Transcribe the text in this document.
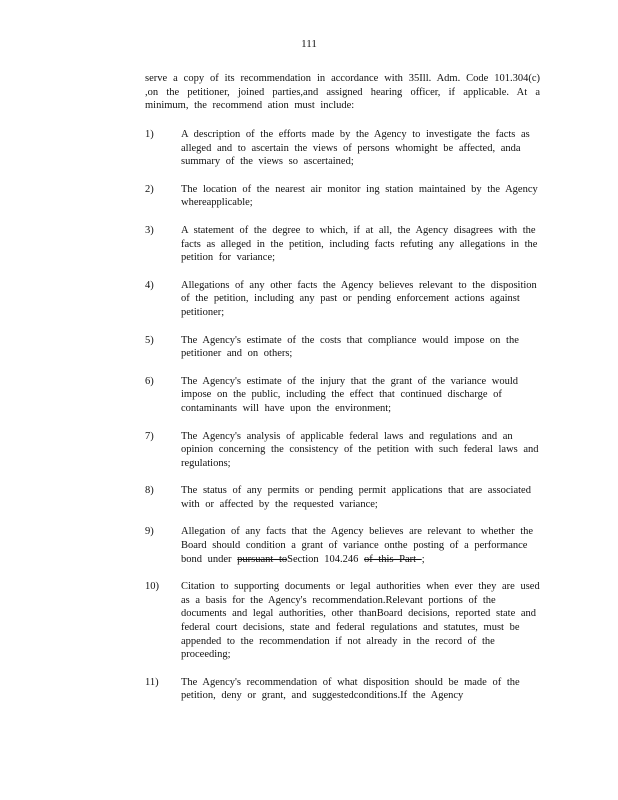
111

serve a copy of its recommendation in accordance with 35Ill. Adm. Code 101.304(c) ,on the petitioner, joined parties,and assigned hearing officer, if applicable. At a minimum, the recommend ation must include:

1)	A description of the efforts made by the Agency to investigate the facts as alleged and to ascertain the views of persons whomight be affected, anda summary of the views so ascertained;
2)	The location of the nearest air monitor ing station maintained by the Agency whereapplicable;
3)	A statement of the degree to which, if at all, the Agency disagrees with the facts as alleged in the petition, including facts refuting any allegations in the petition for variance;
4)	Allegations of any other facts the Agency believes relevant to the disposition of the petition, including any past or pending enforcement actions against petitioner;
5)	The Agency's estimate of the costs that compliance would impose on the petitioner and on others;
6)	The Agency's estimate of the injury that the grant of the variance would impose on the public, including the effect that continued discharge of contaminants will have upon the environment;
7)	The Agency's analysis of applicable federal laws and regulations and an opinion concerning the consistency of the petition with such federal laws and regulations;
8)	The status of any permits or pending permit applications that are associated with or affected by the requested variance;
9)	Allegation of any facts that the Agency believes are relevant to whether the Board should condition a grant of variance onthe posting of a performance bond under pursuant toSection 104.246 of this Part ;
10) Citation to supporting documents or legal authorities when ever they are used as a basis for the Agency's recommendation.Relevant portions of the documents and legal authorities, other thanBoard decisions, reported state and federal court decisions, state and federal regulations and statutes, must be appended to the recommendation if not already in the record of the proceeding;
11) The Agency's recommendation of what disposition should be made of the petition, deny or grant, and suggestedconditions.If the Agency
